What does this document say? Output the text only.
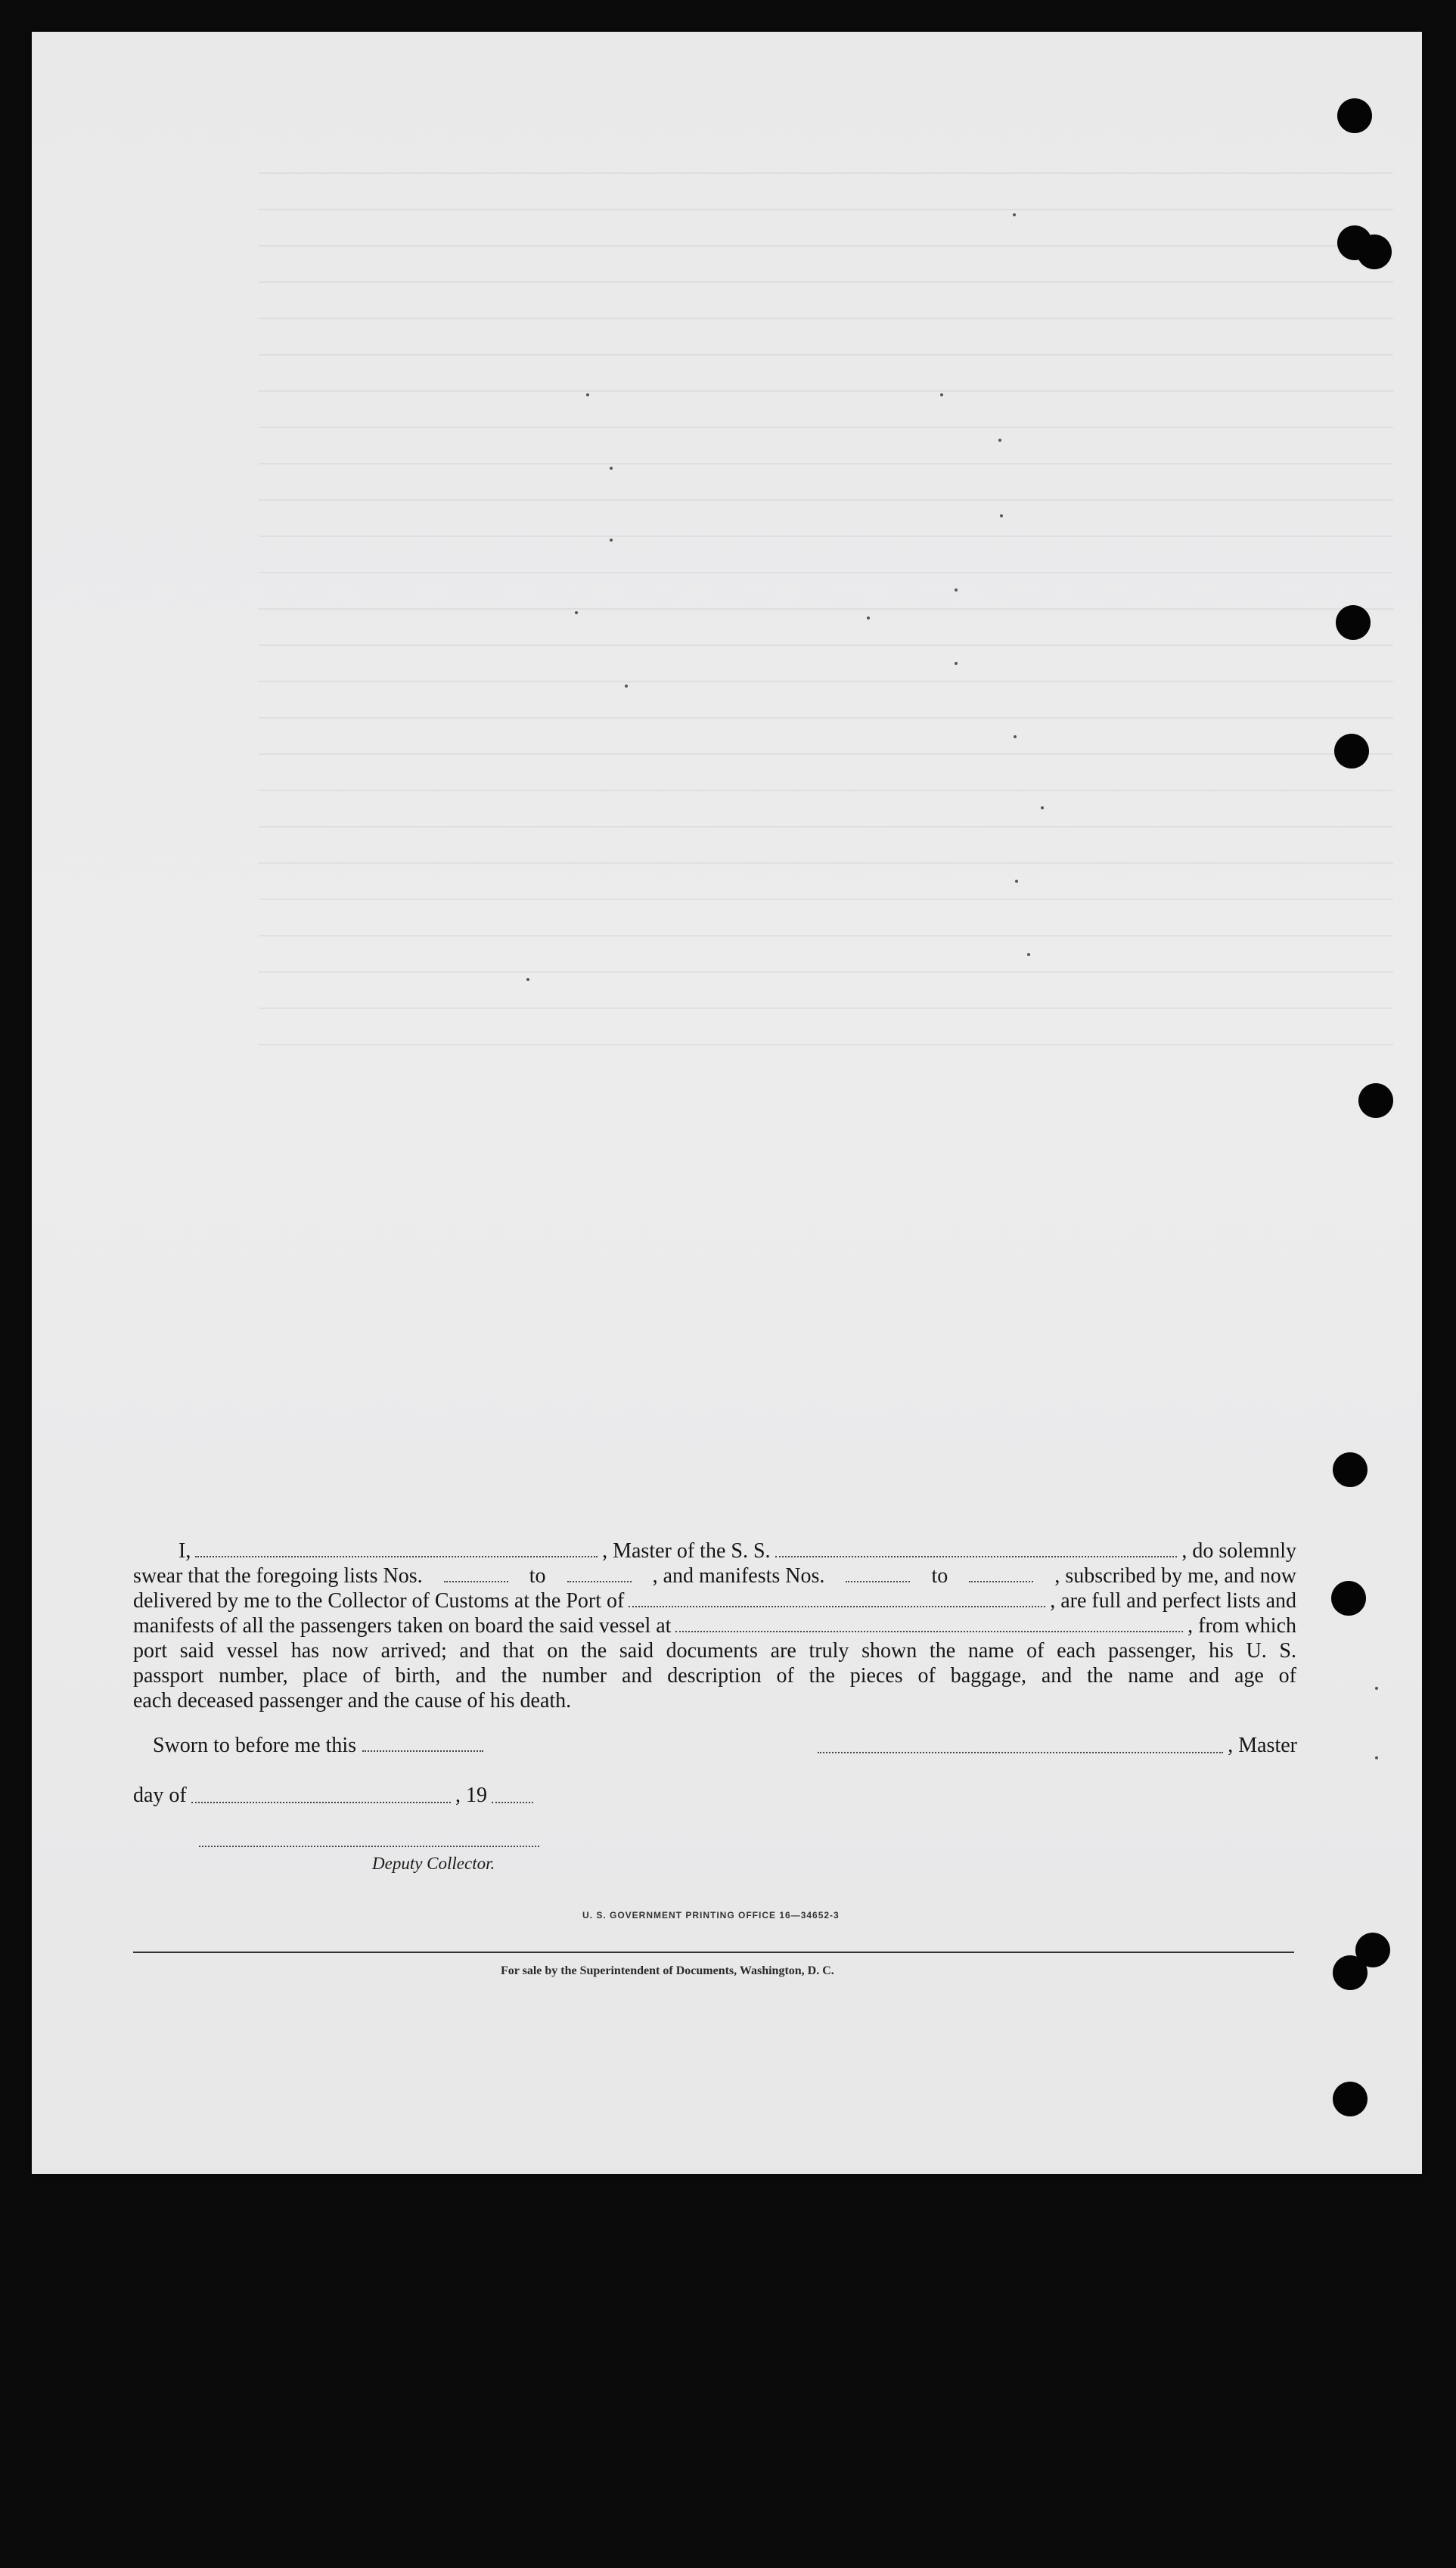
I,	, Master of the S. S.	, do solemnly
swear that the foregoing lists Nos.	to	, and manifests Nos.	to	, subscribed by me, and now
delivered by me to the Collector of Customs at the Port of	, are full and perfect lists and
manifests of all the passengers taken on board the said vessel at	, from which
port said vessel has now arrived; and that on the said documents are truly shown the name of each passenger, his U. S.
passport number, place of birth, and the number and description of the pieces of baggage, and the name and age of
each deceased passenger and the cause of his death.
Sworn to before me this	, Master
day of	, 19
Deputy Collector.
U. S. GOVERNMENT PRINTING OFFICE 16—34652-3
For sale by the Superintendent of Documents, Washington, D. C.
